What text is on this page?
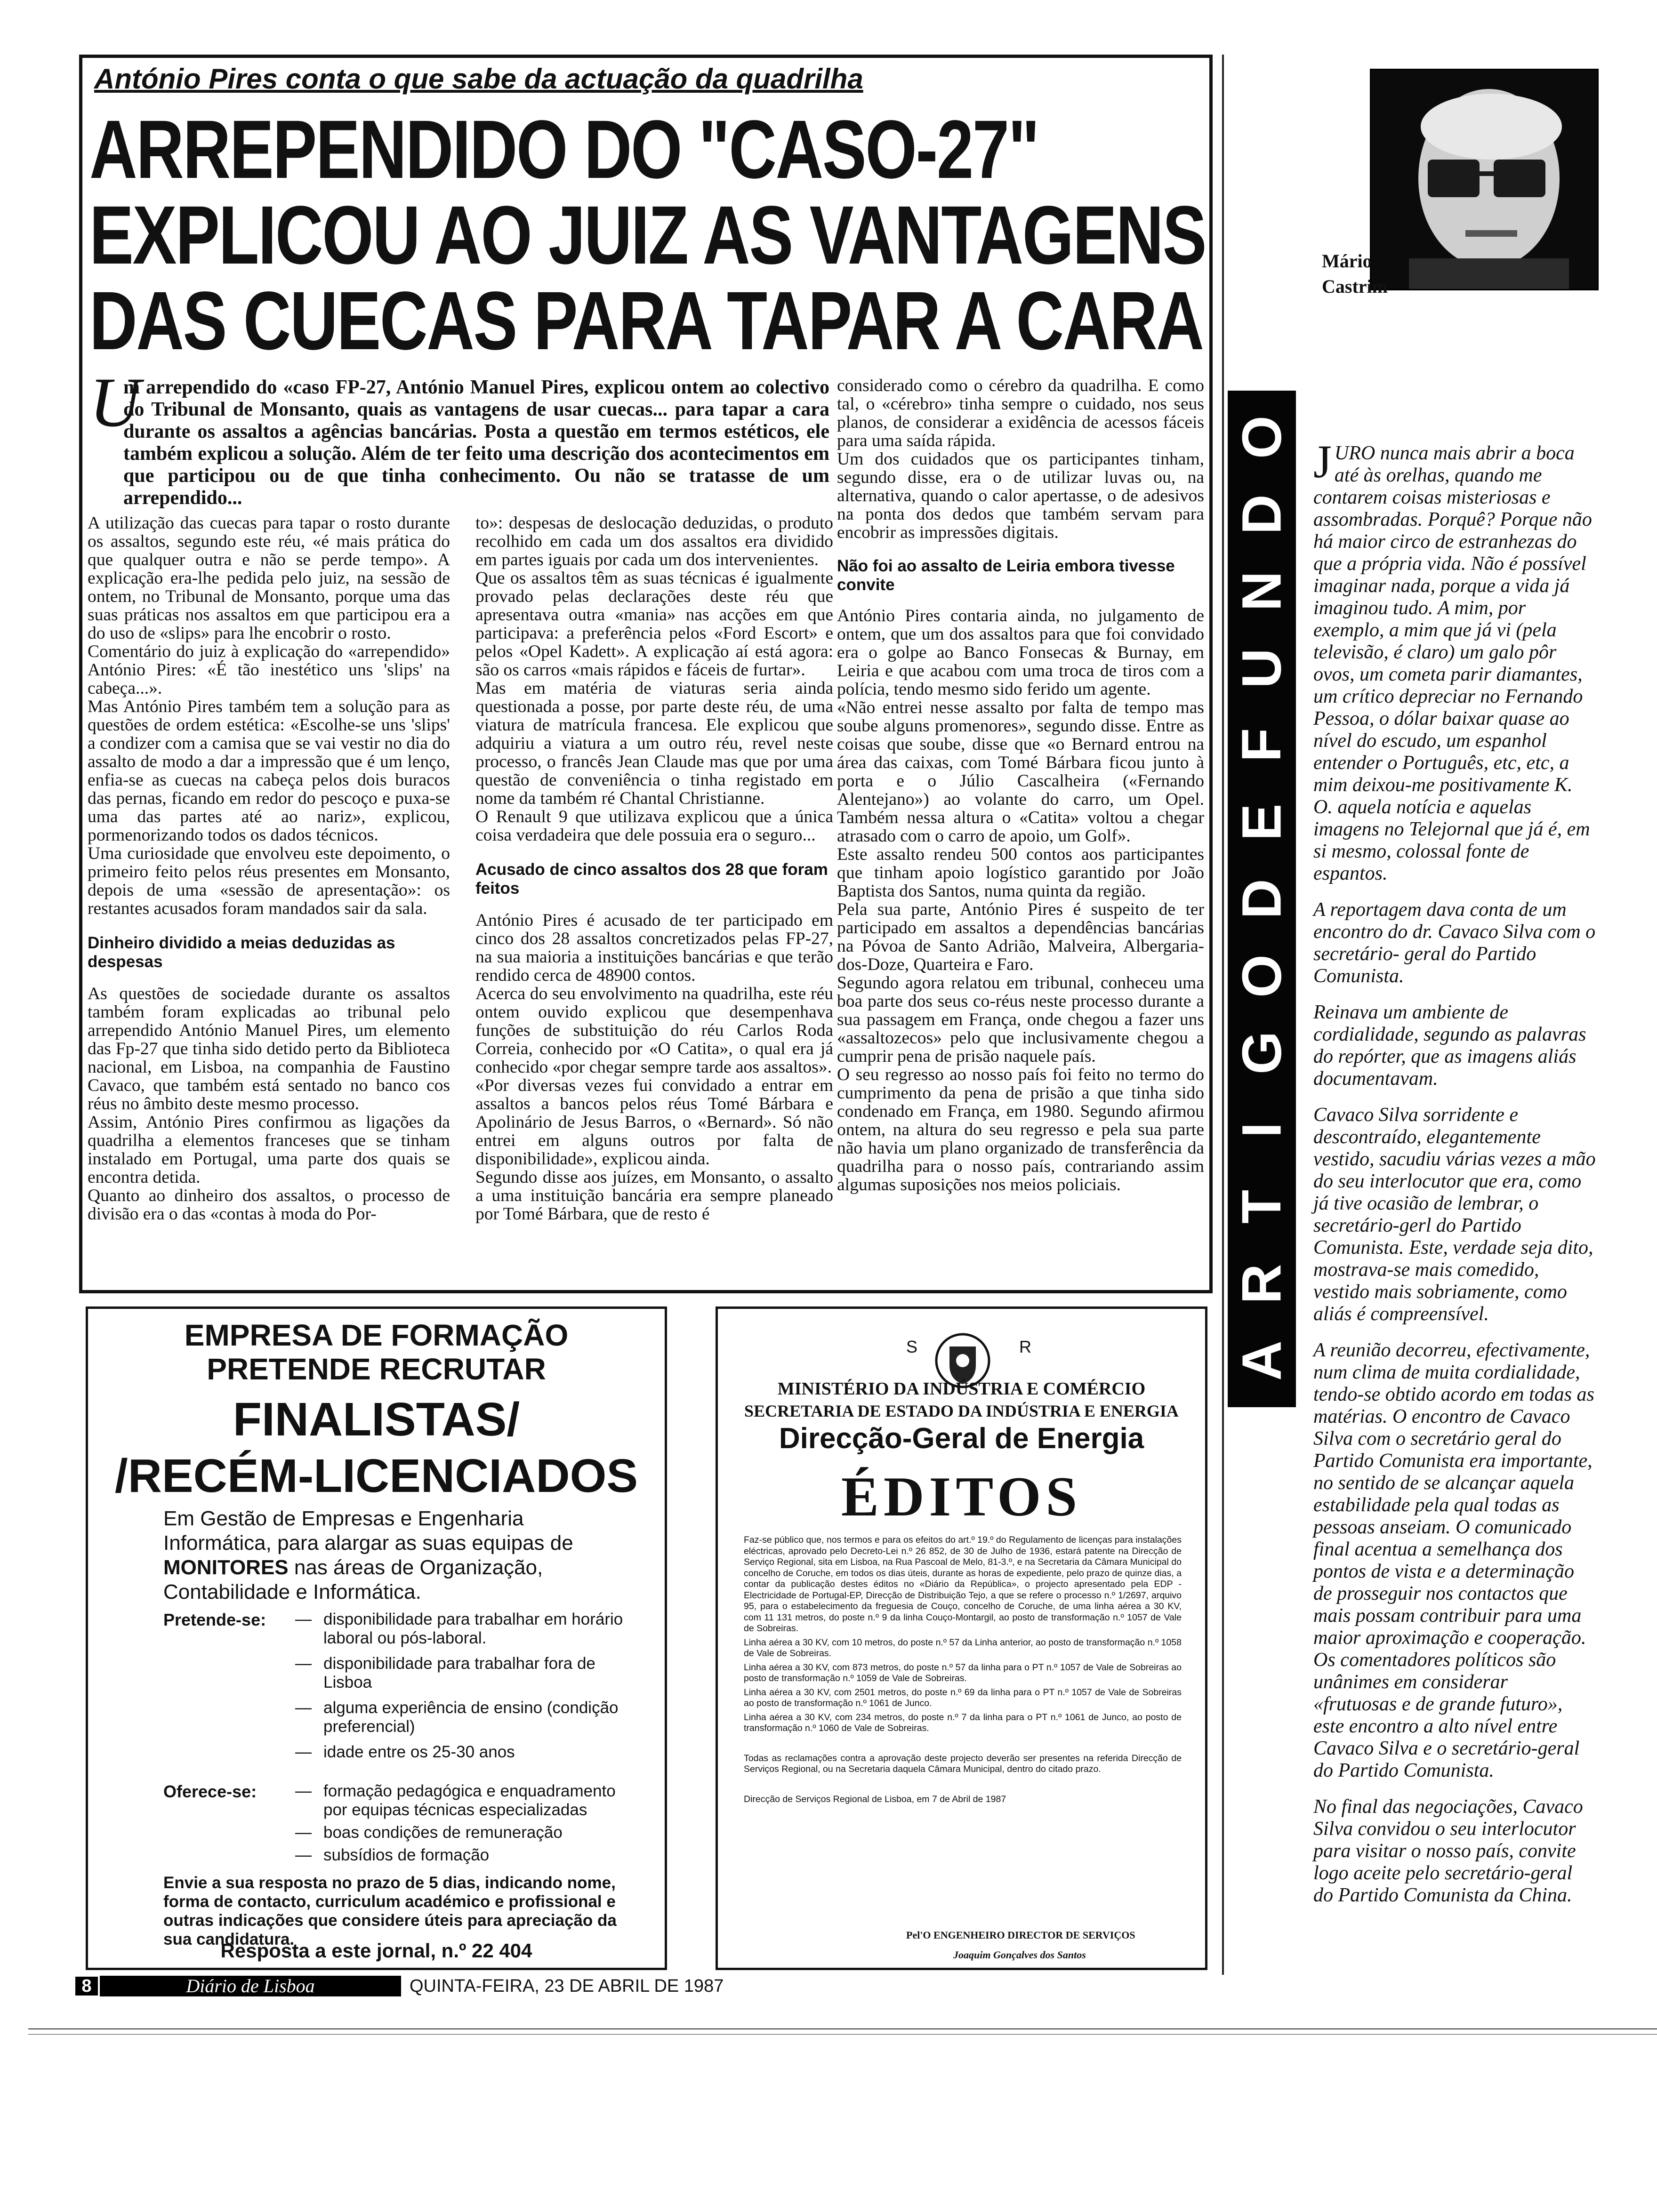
António Pires conta o que sabe da actuação da quadrilha
ARREPENDIDO DO "CASO-27"
EXPLICOU AO JUIZ AS VANTAGENS
DAS CUECAS PARA TAPAR A CARA
U
m arrependido do «caso FP-27, António Manuel Pires, explicou ontem ao colectivo do Tribunal de Monsanto, quais as vantagens de usar cuecas... para tapar a cara durante os assaltos a agências bancárias. Posta a questão em termos estéticos, ele também explicou a solução. Além de ter feito uma descrição dos acontecimentos em que participou ou de que tinha conhecimento. Ou não se tratasse de um arrependido...
A utilização das cuecas para tapar o rosto durante os assaltos, segundo este réu, «é mais prática do que qualquer outra e não se perde tempo». A explicação era-lhe pedida pelo juiz, na sessão de ontem, no Tribunal de Monsanto, porque uma das suas práticas nos assaltos em que participou era a do uso de «slips» para lhe encobrir o rosto.
Comentário do juiz à explicação do «arrependido» António Pires: «É tão inestético uns 'slips' na cabeça...».
Mas António Pires também tem a solução para as questões de ordem estética: «Escolhe-se uns 'slips' a condizer com a camisa que se vai vestir no dia do assalto de modo a dar a impressão que é um lenço, enfia-se as cuecas na cabeça pelos dois buracos das pernas, ficando em redor do pescoço e puxa-se uma das partes até ao nariz», explicou, pormenorizando todos os dados técnicos.
Uma curiosidade que envolveu este depoimento, o primeiro feito pelos réus presentes em Monsanto, depois de uma «sessão de apresentação»: os restantes acusados foram mandados sair da sala.
Dinheiro dividido a meias deduzidas as despesas
As questões de sociedade durante os assaltos também foram explicadas ao tribunal pelo arrependido António Manuel Pires, um elemento das Fp-27 que tinha sido detido perto da Biblioteca nacional, em Lisboa, na companhia de Faustino Cavaco, que também está sentado no banco cos réus no âmbito deste mesmo processo.
Assim, António Pires confirmou as ligações da quadrilha a elementos franceses que se tinham instalado em Portugal, uma parte dos quais se encontra detida.
Quanto ao dinheiro dos assaltos, o processo de divisão era o das «contas à moda do Por-
to»: despesas de deslocação deduzidas, o produto recolhido em cada um dos assaltos era dividido em partes iguais por cada um dos intervenientes.
Que os assaltos têm as suas técnicas é igualmente provado pelas declarações deste réu que apresentava outra «mania» nas acções em que participava: a preferência pelos «Ford Escort» e pelos «Opel Kadett». A explicação aí está agora: são os carros «mais rápidos e fáceis de furtar».
Mas em matéria de viaturas seria ainda questionada a posse, por parte deste réu, de uma viatura de matrícula francesa. Ele explicou que adquiriu a viatura a um outro réu, revel neste processo, o francês Jean Claude mas que por uma questão de conveniência o tinha registado em nome da também ré Chantal Christianne.
O Renault 9 que utilizava explicou que a única coisa verdadeira que dele possuia era o seguro...
Acusado de cinco assaltos dos 28 que foram feitos
António Pires é acusado de ter participado em cinco dos 28 assaltos concretizados pelas FP-27, na sua maioria a instituições bancárias e que terão rendido cerca de 48900 contos.
Acerca do seu envolvimento na quadrilha, este réu ontem ouvido explicou que desempenhava funções de substituição do réu Carlos Roda Correia, conhecido por «O Catita», o qual era já conhecido «por chegar sempre tarde aos assaltos».
«Por diversas vezes fui convidado a entrar em assaltos a bancos pelos réus Tomé Bárbara e Apolinário de Jesus Barros, o «Bernard». Só não entrei em alguns outros por falta de disponibilidade», explicou ainda.
Segundo disse aos juízes, em Monsanto, o assalto a uma instituição bancária era sempre planeado por Tomé Bárbara, que de resto é
considerado como o cérebro da quadrilha. E como tal, o «cérebro» tinha sempre o cuidado, nos seus planos, de considerar a exidência de acessos fáceis para uma saída rápida.
Um dos cuidados que os participantes tinham, segundo disse, era o de utilizar luvas ou, na alternativa, quando o calor apertasse, o de adesivos na ponta dos dedos que também servam para encobrir as impressões digitais.
Não foi ao assalto de Leiria embora tivesse convite
António Pires contaria ainda, no julgamento de ontem, que um dos assaltos para que foi convidado era o golpe ao Banco Fonsecas & Burnay, em Leiria e que acabou com uma troca de tiros com a polícia, tendo mesmo sido ferido um agente.
«Não entrei nesse assalto por falta de tempo mas soube alguns promenores», segundo disse. Entre as coisas que soube, disse que «o Bernard entrou na área das caixas, com Tomé Bárbara ficou junto à porta e o Júlio Cascalheira («Fernando Alentejano») ao volante do carro, um Opel. Também nessa altura o «Catita» voltou a chegar atrasado com o carro de apoio, um Golf».
Este assalto rendeu 500 contos aos participantes que tinham apoio logístico garantido por João Baptista dos Santos, numa quinta da região.
Pela sua parte, António Pires é suspeito de ter participado em assaltos a dependências bancárias na Póvoa de Santo Adrião, Malveira, Albergaria-dos-Doze, Quarteira e Faro.
Segundo agora relatou em tribunal, conheceu uma boa parte dos seus co-réus neste processo durante a sua passagem em França, onde chegou a fazer uns «assaltozecos» pelo que inclusivamente chegou a cumprir pena de prisão naquele país.
O seu regresso ao nosso país foi feito no termo do cumprimento da pena de prisão a que tinha sido condenado em França, em 1980. Segundo afirmou ontem, na altura do seu regresso e pela sua parte não havia um plano organizado de transferência da quadrilha para o nosso país, contrariando assim algumas suposições nos meios policiais.
Mário
Castrim
O
D
N
U
F
E
D
O
G
I
T
R
A

JURO nunca mais abrir a boca até às orelhas, quando me contarem coisas misteriosas e assombradas. Porquê? Porque não há maior circo de estranhezas do que a própria vida. Não é possível imaginar nada, porque a vida já imaginou tudo. A mim, por exemplo, a mim que já vi (pela televisão, é claro) um galo pôr ovos, um cometa parir diamantes, um crítico depreciar no Fernando Pessoa, o dólar baixar quase ao nível do escudo, um espanhol entender o Português, etc, etc, a mim deixou-me positivamente K. O. aquela notícia e aquelas imagens no Telejornal que já é, em si mesmo, colossal fonte de espantos.

A reportagem dava conta de um encontro do dr. Cavaco Silva com o secretário- geral do Partido Comunista.

Reinava um ambiente de cordialidade, segundo as palavras do repórter, que as imagens aliás documentavam.

Cavaco Silva sorridente e descontraído, elegantemente vestido, sacudiu várias vezes a mão do seu interlocutor que era, como já tive ocasião de lembrar, o secretário-gerl do Partido Comunista. Este, verdade seja dito, mostrava-se mais comedido, vestido mais sobriamente, como aliás é compreensível.

A reunião decorreu, efectivamente, num clima de muita cordialidade, tendo-se obtido acordo em todas as matérias. O encontro de Cavaco Silva com o secretário geral do Partido Comunista era importante, no sentido de se alcançar aquela estabilidade pela qual todas as pessoas anseiam. O comunicado final acentua a semelhança dos pontos de vista e a determinação de prosseguir nos contactos que mais possam contribuir para uma maior aproximação e cooperação. Os comentadores políticos são unânimes em considerar «frutuosas e de grande futuro», este encontro a alto nível entre Cavaco Silva e o secretário-geral do Partido Comunista.

No final das negociações, Cavaco Silva convidou o seu interlocutor para visitar o nosso país, convite logo aceite pelo secretário-geral do Partido Comunista da China.

EMPRESA DE FORMAÇÃO
PRETENDE RECRUTAR
FINALISTAS/
/RECÉM-LICENCIADOS
Em Gestão de Empresas e Engenharia Informática, para alargar as suas equipas de MONITORES nas áreas de Organização, Contabilidade e Informática.
Pretende-se: — disponibilidade para trabalhar em horário laboral ou pós-laboral.
— disponibilidade para trabalhar fora de Lisboa
— alguma experiência de ensino (condição preferencial)
— idade entre os 25-30 anos
Oferece-se: — formação pedagógica e enquadramento por equipas técnicas especializadas
— boas condições de remuneração
— subsídios de formação
Envie a sua resposta no prazo de 5 dias, indicando nome, forma de contacto, curriculum académico e profissional e outras indicações que considere úteis para apreciação da sua candidatura.
Resposta a este jornal, n.º 22 404
S	R
MINISTÉRIO DA INDÚSTRIA E COMÉRCIO
SECRETARIA DE ESTADO DA INDÚSTRIA E ENERGIA
Direcção-Geral de Energia
ÉDITOS

Faz-se público que, nos termos e para os efeitos do art.º 19.º do Regulamento de licenças para instalações eléctricas, aprovado pelo Decreto-Lei n.º 26 852, de 30 de Julho de 1936, estará patente na Direcção de Serviço Regional, sita em Lisboa, na Rua Pascoal de Melo, 81-3.º, e na Secretaria da Câmara Municipal do concelho de Coruche, em todos os dias úteis, durante as horas de expediente, pelo prazo de quinze dias, a contar da publicação destes éditos no «Diário da República», o projecto apresentado pela EDP - Electricidade de Portugal-EP, Direcção de Distribuição Tejo, a que se refere o processo n.º 1/2697, arquivo 95, para o estabelecimento da freguesia de Couço, concelho de Coruche, de uma linha aérea a 30 KV, com 11 131 metros, do poste n.º 9 da linha Couço-Montargil, ao posto de transformação n.º 1057 de Vale de Sobreiras.

Linha aérea a 30 KV, com 10 metros, do poste n.º 57 da Linha anterior, ao posto de transformação n.º 1058 de Vale de Sobreiras.

Linha aérea a 30 KV, com 873 metros, do poste n.º 57 da linha para o PT n.º 1057 de Vale de Sobreiras ao posto de transformação n.º 1059 de Vale de Sobreiras.

Linha aérea a 30 KV, com 2501 metros, do poste n.º 69 da linha para o PT n.º 1057 de Vale de Sobreiras ao posto de transformação n.º 1061 de Junco.

Linha aérea a 30 KV, com 234 metros, do poste n.º 7 da linha para o PT n.º 1061 de Junco, ao posto de transformação n.º 1060 de Vale de Sobreiras.

Todas as reclamações contra a aprovação deste projecto deverão ser presentes na referida Direcção de Serviços Regional, ou na Secretaria daquela Câmara Municipal, dentro do citado prazo.

Direcção de Serviços Regional de Lisboa, em 7 de Abril de 1987

Pel'O ENGENHEIRO DIRECTOR DE SERVIÇOS
Joaquim Gonçalves dos Santos
8	Diário de Lisboa	QUINTA-FEIRA, 23 DE ABRIL DE 1987
